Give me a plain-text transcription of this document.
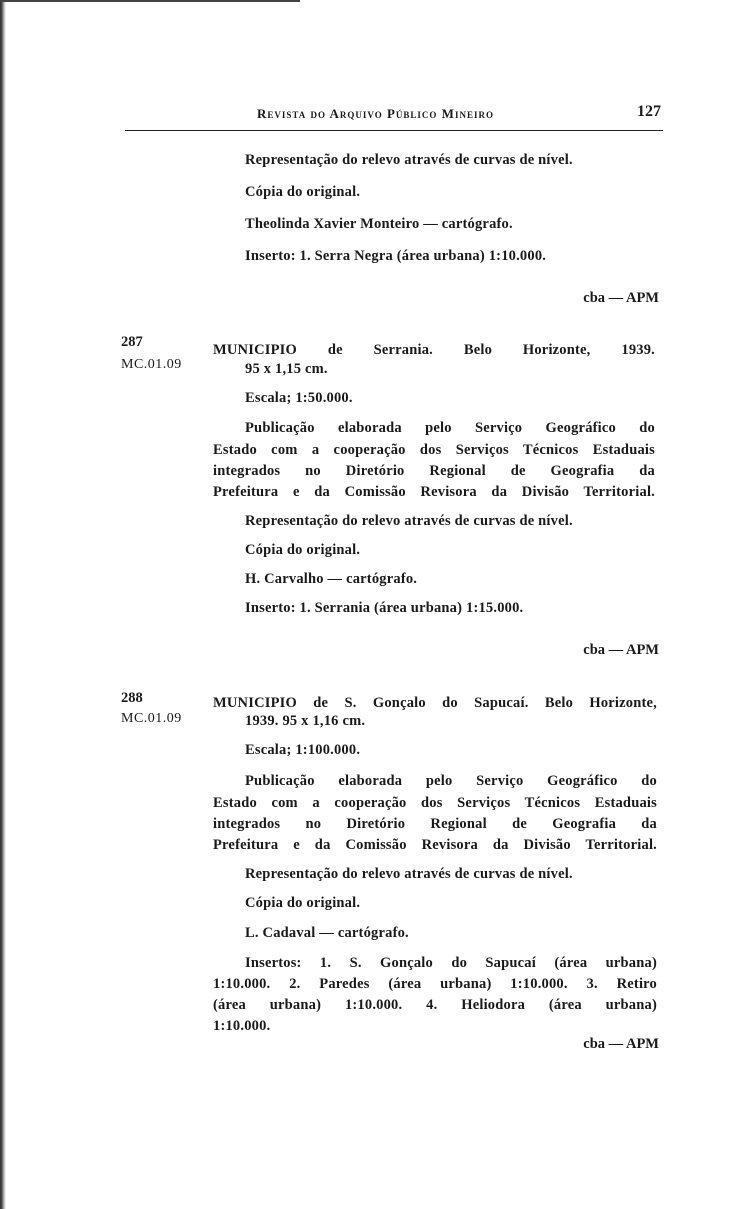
Revista do Arquivo Público Mineiro	127
Representação do relevo através de curvas de nível.
Cópia do original.
Theolinda Xavier Monteiro — cartógrafo.
Inserto: 1. Serra Negra (área urbana) 1:10.000.
cba — APM
287
MC.01.09
MUNICIPIO de Serrania. Belo Horizonte, 1939.
95 x 1,15 cm.
Escala; 1:50.000.
Publicação elaborada pelo Serviço Geográfico do
Estado com a cooperação dos Serviços Técnicos Estaduais
integrados no Diretório Regional de Geografia da
Prefeitura e da Comissão Revisora da Divisão Territorial.
Representação do relevo através de curvas de nível.
Cópia do original.
H. Carvalho — cartógrafo.
Inserto: 1. Serrania (área urbana) 1:15.000.
cba — APM
288
MC.01.09
MUNICIPIO de S. Gonçalo do Sapucaí. Belo Horizonte,
1939. 95 x 1,16 cm.
Escala; 1:100.000.
Publicação elaborada pelo Serviço Geográfico do
Estado com a cooperação dos Serviços Técnicos Estaduais
integrados no Diretório Regional de Geografia da
Prefeitura e da Comissão Revisora da Divisão Territorial.
Representação do relevo através de curvas de nível.
Cópia do original.
L. Cadaval — cartógrafo.
Insertos: 1. S. Gonçalo do Sapucaí (área urbana)
1:10.000. 2. Paredes (área urbana) 1:10.000. 3. Retiro
(área urbana) 1:10.000. 4. Heliodora (área urbana)
1:10.000.
cba — APM
